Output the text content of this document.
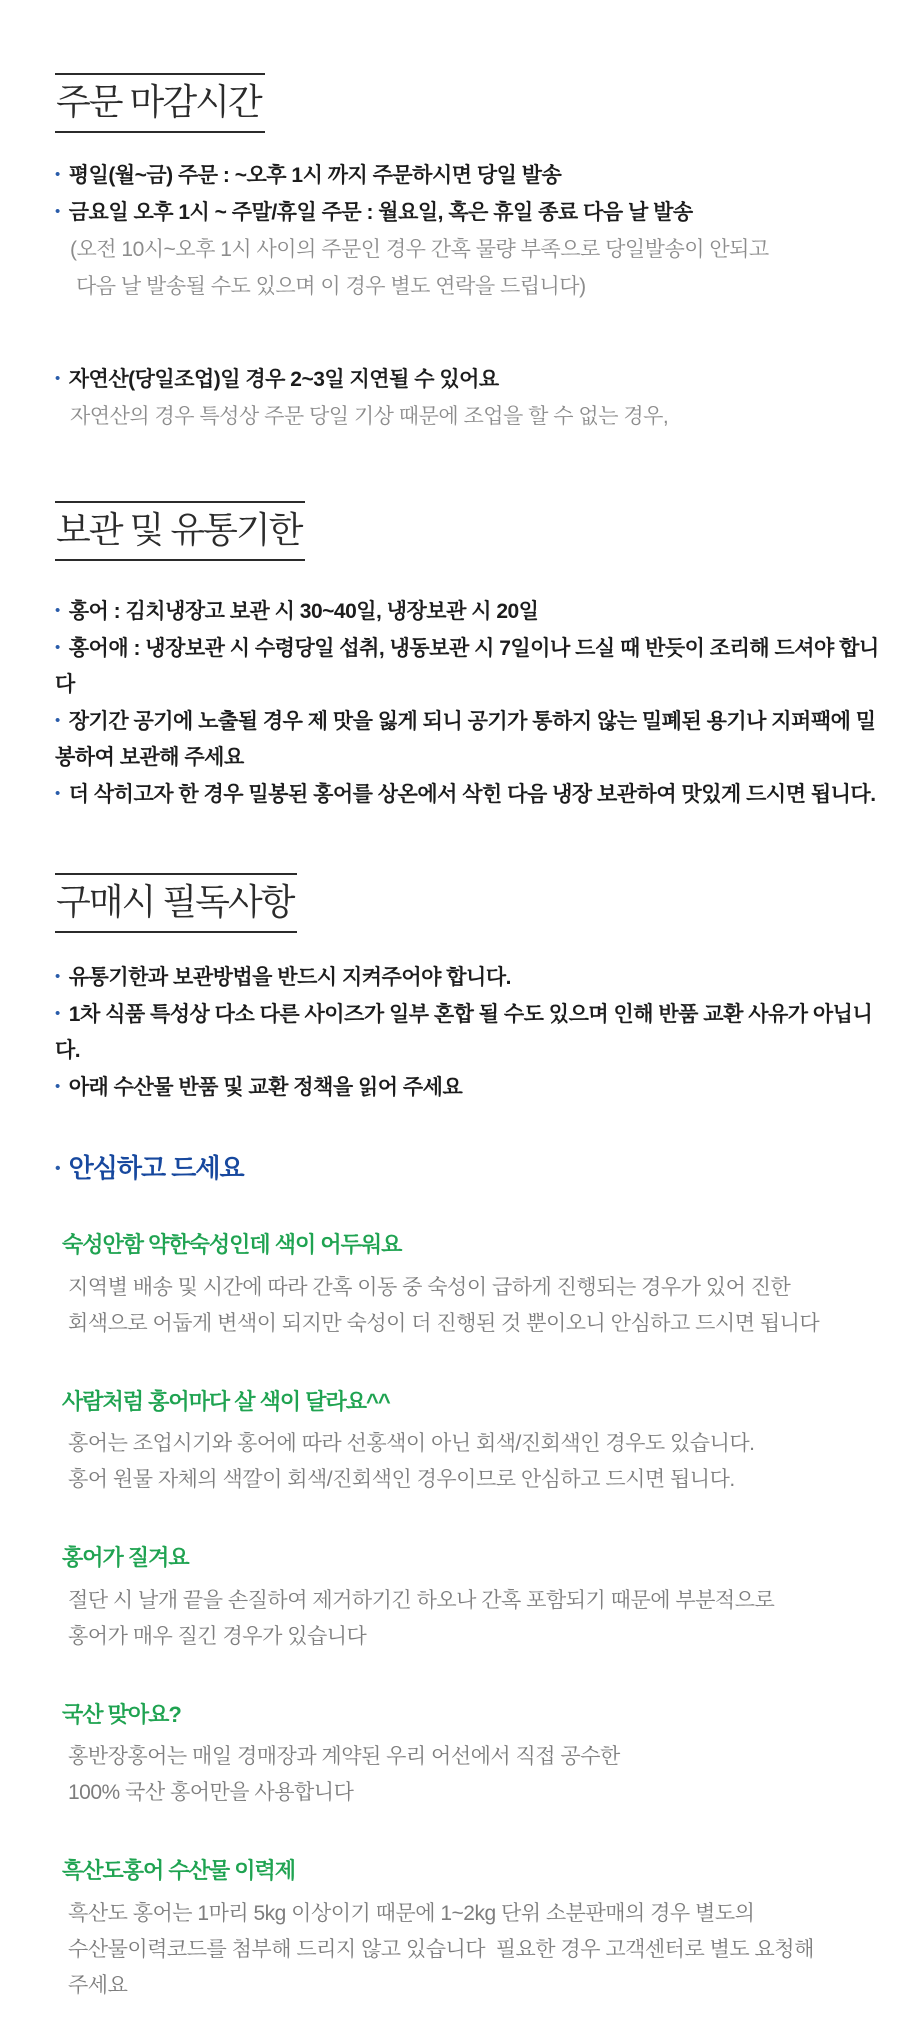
주문 마감시간

• 평일(월~금) 주문 : ~오후 1시 까지 주문하시면 당일 발송

• 금요일 오후 1시 ~ 주말/휴일 주문 : 월요일, 혹은 휴일 종료 다음 날 발송

(오전 10시~오후 1시 사이의 주문인 경우 간혹 물량 부족으로 당일발송이 안되고

다음 날 발송될 수도 있으며 이 경우 별도 연락을 드립니다)

• 자연산(당일조업)일 경우 2~3일 지연될 수 있어요

자연산의 경우 특성상 주문 당일 기상 때문에 조업을 할 수 없는 경우,

보관 및 유통기한

• 홍어 : 김치냉장고 보관 시 30~40일, 냉장보관 시 20일

• 홍어애 : 냉장보관 시 수령당일 섭취, 냉동보관 시 7일이나 드실 때 반듯이 조리해 드셔야 합니다

• 장기간 공기에 노출될 경우 제 맛을 잃게 되니 공기가 통하지 않는 밀폐된 용기나 지퍼팩에 밀봉하여 보관해 주세요

• 더 삭히고자 한 경우 밀봉된 홍어를 상온에서 삭힌 다음 냉장 보관하여 맛있게 드시면 됩니다.

구매시 필독사항

• 유통기한과 보관방법을 반드시 지켜주어야 합니다.

• 1차 식품 특성상 다소 다른 사이즈가 일부 혼합 될 수도 있으며 인해 반품 교환 사유가 아닙니다.

• 아래 수산물 반품 및 교환 정책을 읽어 주세요

• 안심하고 드세요

숙성안함 약한숙성인데 색이 어두워요

지역별 배송 및 시간에 따라 간혹 이동 중 숙성이 급하게 진행되는 경우가 있어 진한

회색으로 어둡게 변색이 되지만 숙성이 더 진행된 것 뿐이오니 안심하고 드시면 됩니다

사람처럼 홍어마다 살 색이 달라요^^

홍어는 조업시기와 홍어에 따라 선홍색이 아닌 회색/진회색인 경우도 있습니다.

홍어 원물 자체의 색깔이 회색/진회색인 경우이므로 안심하고 드시면 됩니다.

홍어가 질겨요

절단 시 날개 끝을 손질하여 제거하기긴 하오나 간혹 포함되기 때문에 부분적으로

홍어가 매우 질긴 경우가 있습니다

국산 맞아요?

홍반장홍어는 매일 경매장과 계약된 우리 어선에서 직접 공수한

100% 국산 홍어만을 사용합니다

흑산도홍어 수산물 이력제

흑산도 홍어는 1마리 5kg 이상이기 때문에 1~2kg 단위 소분판매의 경우 별도의

수산물이력코드를 첨부해 드리지 않고 있습니다  필요한 경우 고객센터로 별도 요청해

주세요
